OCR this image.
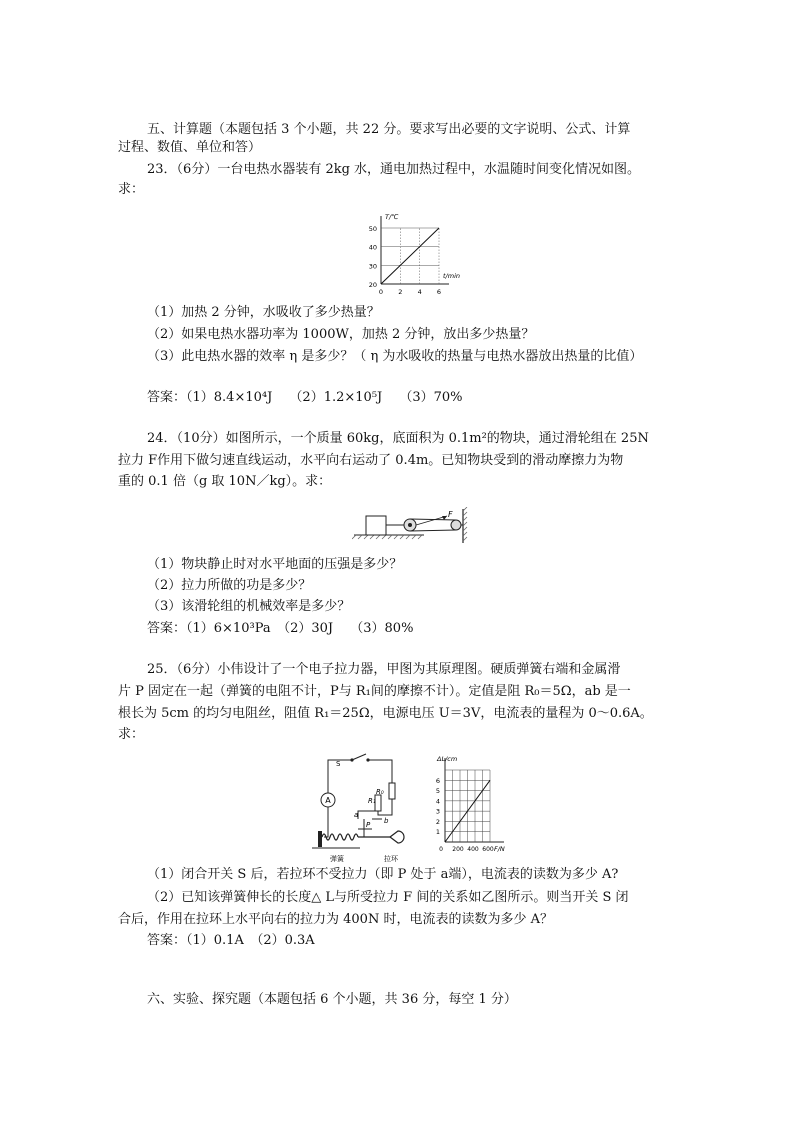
五、计算题（本题包括 3 个小题，共 22 分。要求写出必要的文字说明、公式、计算
过程、数值、单位和答）
23．（6分）一台电热水器装有 2kg 水，通电加热过程中，水温随时间变化情况如图。
求：
20
30
40
50
0 2 4 6
T/℃
t/min
（1）加热 2 分钟，水吸收了多少热量？
（2）如果电热水器功率为 1000W，加热 2 分钟，放出多少热量？
（3）此电热水器的效率 η 是多少？（ η 为水吸收的热量与电热水器放出热量的比值）
答案：（1）8.4×10⁴J　 （2）1.2×10⁵J　 （3）70%
24．（10分）如图所示，一个质量 60kg，底面积为 0.1m²的物块，通过滑轮组在 25N
拉力 F作用下做匀速直线运动，水平向右运动了 0.4m。已知物块受到的滑动摩擦力为物
重的 0.1 倍（g 取 10N／kg）。求：
F
（1）物块静止时对水平地面的压强是多少？
（2）拉力所做的功是多少？
（3）该滑轮组的机械效率是多少？
答案：（1）6×10³Pa　（2）30J　 （3）80%
25．（6分）小伟设计了一个电子拉力器，甲图为其原理图。硬质弹簧右端和金属滑
片 P 固定在一起（弹簧的电阻不计，P与 R₁间的摩擦不计）。定值是阻 R₀＝5Ω，ab 是一
根长为 5cm 的均匀电阻丝，阻值 R₁＝25Ω，电源电压 U＝3V，电流表的量程为 0～0.6A。
求：
A
S
R₀
R₁
a
b
P
弹簧	拉环
1
2
3
4
5
6
0 200 400 600
ΔL/cm
F/N
（1）闭合开关 S 后，若拉环不受拉力（即 P 处于 a端），电流表的读数为多少 A?
（2）已知该弹簧伸长的长度△ L与所受拉力 F 间的关系如乙图所示。则当开关 S 闭
合后，作用在拉环上水平向右的拉力为 400N 时，电流表的读数为多少 A？
答案：（1）0.1A　（2）0.3A
六、实验、探究题（本题包括 6 个小题，共 36 分，每空 1 分）
